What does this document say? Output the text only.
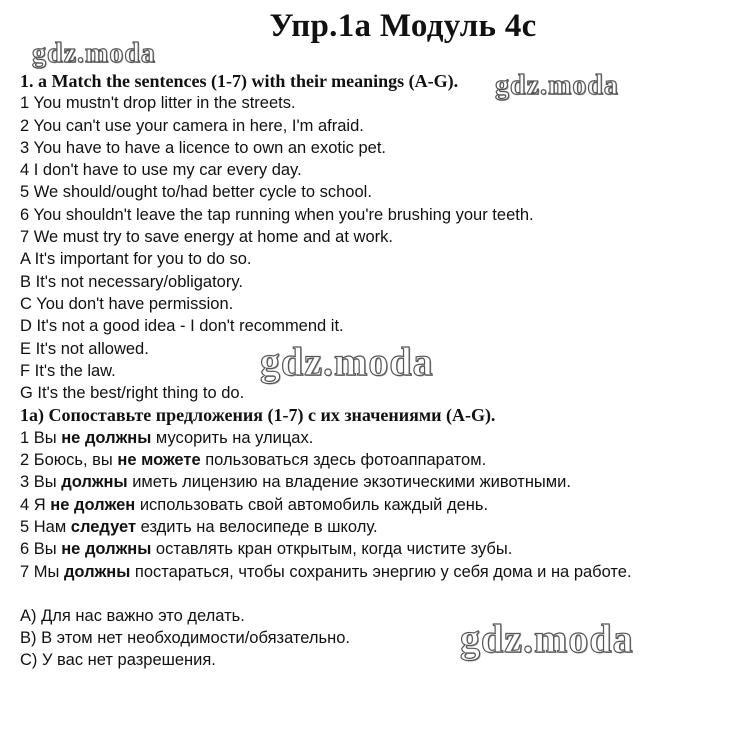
Упр.1a Модуль 4c
gdz.moda
gdz.moda
1. a Match the sentences (1-7) with their meanings (A-G).
1 You mustn't drop litter in the streets.
2 You can't use your camera in here, I'm afraid.
3 You have to have a licence to own an exotic pet.
4 I don't have to use my car every day.
5 We should/ought to/had better cycle to school.
6 You shouldn't leave the tap running when you're brushing your teeth.
7 We must try to save energy at home and at work.
A It's important for you to do so.
B It's not necessary/obligatory.
C You don't have permission.
D It's not a good idea - I don't recommend it.
E It's not allowed.
F It's the law.
G It's the best/right thing to do.
1a) Сопоставьте предложения (1-7) с их значениями (A-G).
1 Вы не должны мусорить на улицах.
2 Боюсь, вы не можете пользоваться здесь фотоаппаратом.
3 Вы должны иметь лицензию на владение экзотическими животными.
4 Я не должен использовать свой автомобиль каждый день.
5 Нам следует ездить на велосипеде в школу.
6 Вы не должны оставлять кран открытым, когда чистите зубы.
7 Мы должны постараться, чтобы сохранить энергию у себя дома и на работе.
A) Для нас важно это делать.
B) В этом нет необходимости/обязательно.
C) У вас нет разрешения.
gdz.moda
gdz.moda
